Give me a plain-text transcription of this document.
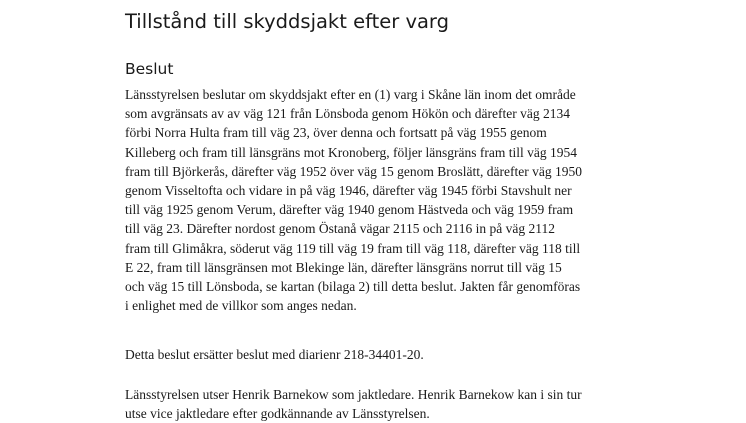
Tillstånd till skyddsjakt efter varg
Beslut

Länsstyrelsen beslutar om skyddsjakt efter en (1) varg i Skåne län inom det område
som avgränsats av av väg 121 från Lönsboda genom Hökön och därefter väg 2134
förbi Norra Hulta fram till väg 23, över denna och fortsatt på väg 1955 genom
Killeberg och fram till länsgräns mot Kronoberg, följer länsgräns fram till väg 1954
fram till Björkerås, därefter väg 1952 över väg 15 genom Broslätt, därefter väg 1950
genom Visseltofta och vidare in på väg 1946, därefter väg 1945 förbi Stavshult ner
till väg 1925 genom Verum, därefter väg 1940 genom Hästveda och väg 1959 fram
till väg 23. Därefter nordost genom Östanå vägar 2115 och 2116 in på väg 2112
fram till Glimåkra, söderut väg 119 till väg 19 fram till väg 118, därefter väg 118 till
E 22, fram till länsgränsen mot Blekinge län, därefter länsgräns norrut till väg 15
och väg 15 till Lönsboda, se kartan (bilaga 2) till detta beslut. Jakten får genomföras
i enlighet med de villkor som anges nedan.

Detta beslut ersätter beslut med diarienr 218-34401-20.

Länsstyrelsen utser Henrik Barnekow som jaktledare. Henrik Barnekow kan i sin tur
utse vice jaktledare efter godkännande av Länsstyrelsen.
